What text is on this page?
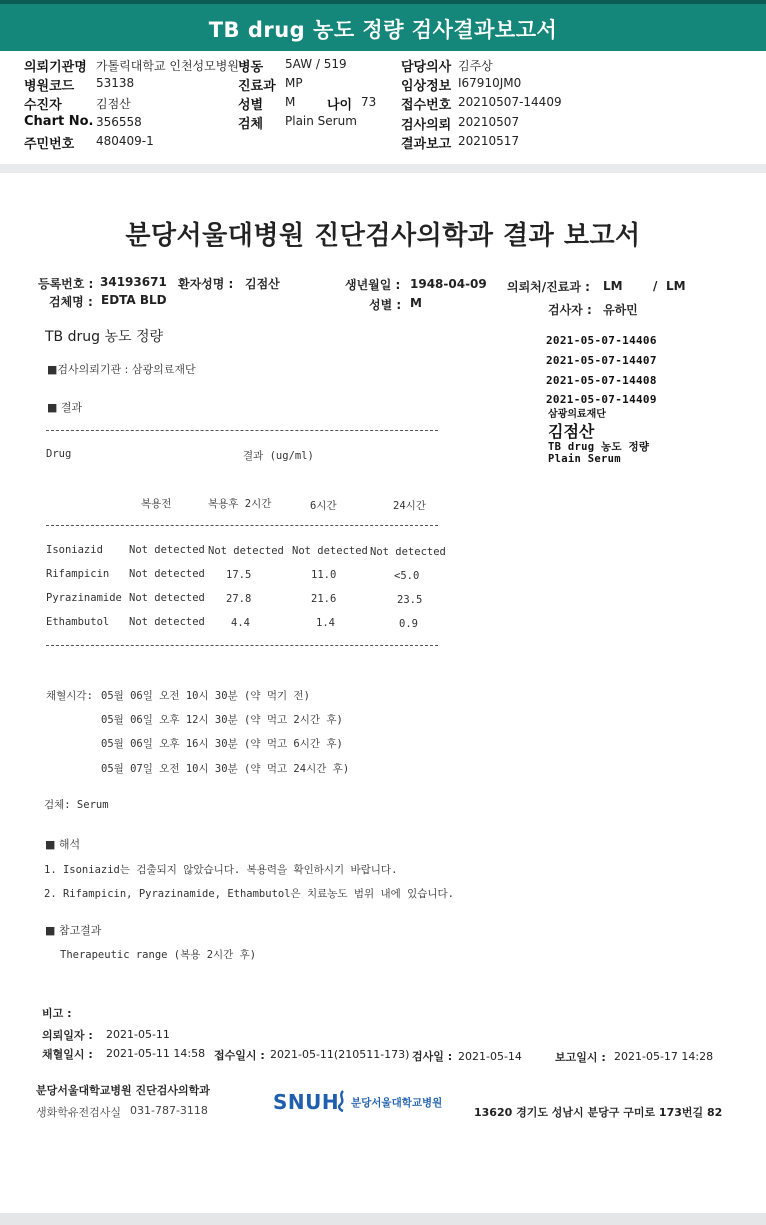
TB drug 농도 정량 검사결과보고서
의뢰기관명 가톨릭대학교 인천성모병원 병동 5AW / 519	담당의사 김주상
병원코드 53138	진료과 MP	임상정보 I67910JM0
수진자	김점산	성별 M 나이 73 접수번호 20210507-14409
Chart No. 356558	검체 Plain Serum	검사의뢰 20210507
주민번호 480409-1	결과보고 20210517
분당서울대병원 진단검사의학과 결과 보고서
등록번호 : 34193671 환자성명 : 김점산	생년월일 : 1948-04-09 의뢰처/진료과 : LM	/ LM
검체명 : EDTA BLD	성별 : M	검사자 : 유하민
TB drug 농도 정량
■검사의뢰기관 : 삼광의료재단
■ 결과
Drug	결과 (ug/ml)
복용전	복용후 2시간	6시간	24시간
Isoniazid Not detected Not detected Not detected Not detected
Rifampicin Not detected 17.5	11.0	<5.0
Pyrazinamide Not detected 27.8	21.6	23.5
Ethambutol Not detected 4.4	1.4	0.9
2021-05-07-14406
2021-05-07-14407
2021-05-07-14408
2021-05-07-14409
삼광의료재단
김점산
TB drug 농도 정량
Plain Serum
채혈시각: 05월 06일 오전 10시 30분 (약 먹기 전)
05월 06일 오후 12시 30분 (약 먹고 2시간 후)
05월 06일 오후 16시 30분 (약 먹고 6시간 후)
05월 07일 오전 10시 30분 (약 먹고 24시간 후)
검체: Serum
■ 해석
1. Isoniazid는 검출되지 않았습니다. 복용력을 확인하시기 바랍니다.
2. Rifampicin, Pyrazinamide, Ethambutol은 치료농도 범위 내에 있습니다.
■ 참고결과
Therapeutic range (복용 2시간 후)
비고 :
의뢰일자 : 2021-05-11
채혈일시 : 2021-05-11 14:58 접수일시 : 2021-05-11(210511-173) 검사일 : 2021-05-14	보고일시 : 2021-05-17 14:28
분당서울대학교병원 진단검사의학과
생화학유전검사실 031-787-3118	SNUH 분당서울대학교병원
13620 경기도 성남시 분당구 구미로 173번길 82
